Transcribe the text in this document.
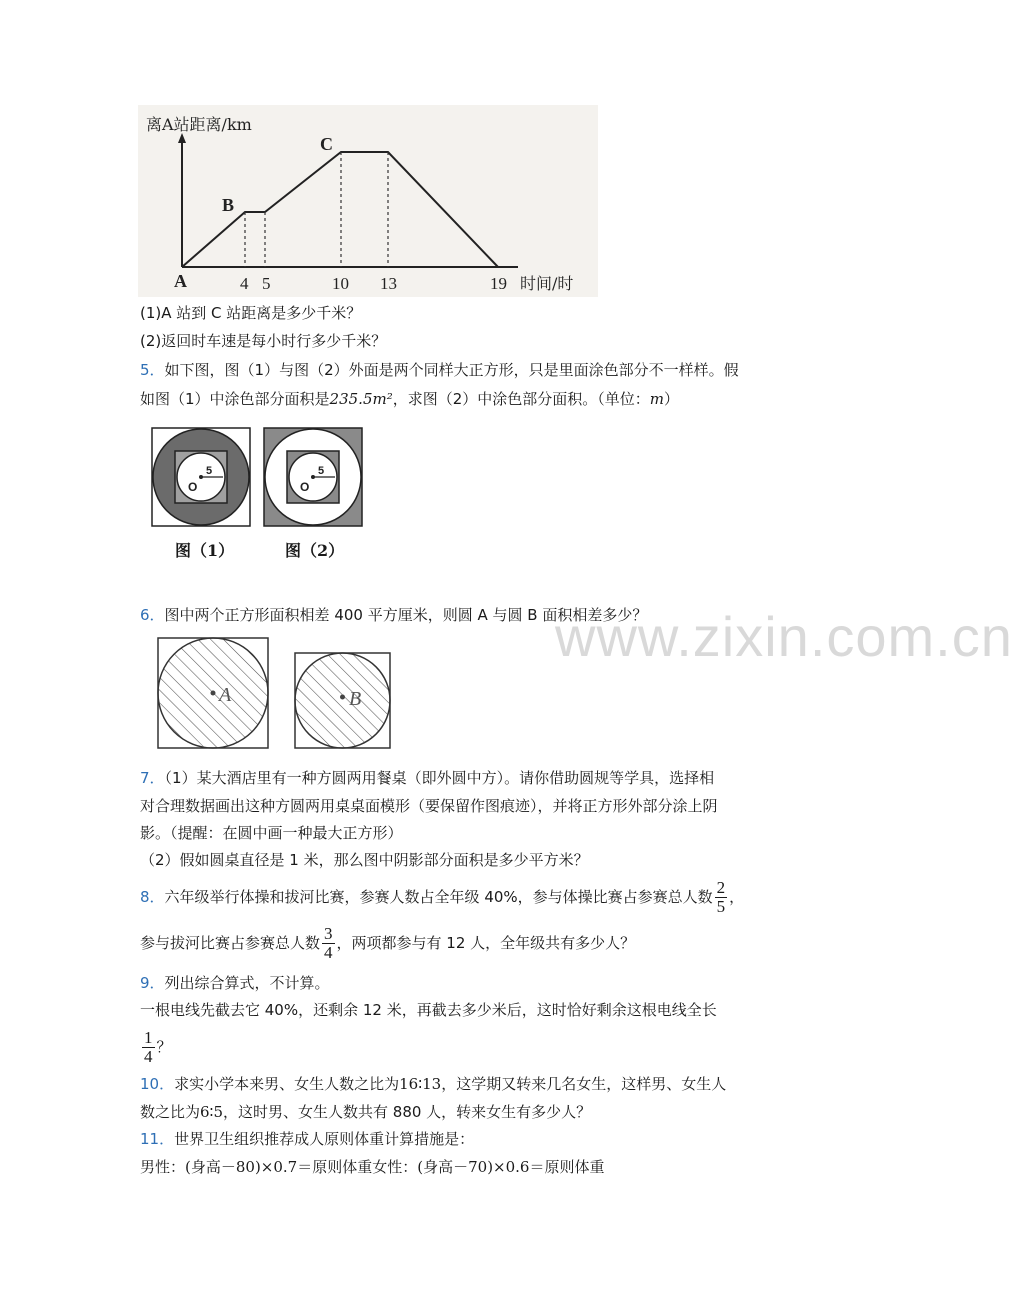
www.zixin.com.cn
离A站距离/km
A
B
C
4 5	10 13	19 时间/时
(1)A 站到 C 站距离是多少千米？
(2)返回时车速是每小时行多少千米？
5．如下图，图（1）与图（2）外面是两个同样大正方形，只是里面涂色部分不一样样。假
如图（1）中涂色部分面积是235.5m²，求图（2）中涂色部分面积。（单位：m）
5
O
5
O
图（1）	图（2）
6．图中两个正方形面积相差 400 平方厘米，则圆 A 与圆 B 面积相差多少？
A	B
7．（1）某大酒店里有一种方圆两用餐桌（即外圆中方）。请你借助圆规等学具，选择相
对合理数据画出这种方圆两用桌桌面模形（要保留作图痕迹），并将正方形外部分涂上阴
影。（提醒：在圆中画一种最大正方形）
（2）假如圆桌直径是 1 米，那么图中阴影部分面积是多少平方米？
8．六年级举行体操和拔河比赛，参赛人数占全年级 40%，参与体操比赛占参赛总人数 $\frac{2}{5}$ ，
参与拔河比赛占参赛总人数 $\frac{3}{4}$ ，两项都参与有 12 人，全年级共有多少人？
9．列出综合算式，不计算。
一根电线先截去它 40%，还剩余 12 米，再截去多少米后，这时恰好剩余这根电线全长
$\frac{1}{4}$ ？
10．求实小学本来男、女生人数之比为16∶13，这学期又转来几名女生，这样男、女生人
数之比为6∶5，这时男、女生人数共有 880 人，转来女生有多少人？
11．世界卫生组织推荐成人原则体重计算措施是：
男性：(身高－80)×0.7＝原则体重女性：(身高－70)×0.6＝原则体重
